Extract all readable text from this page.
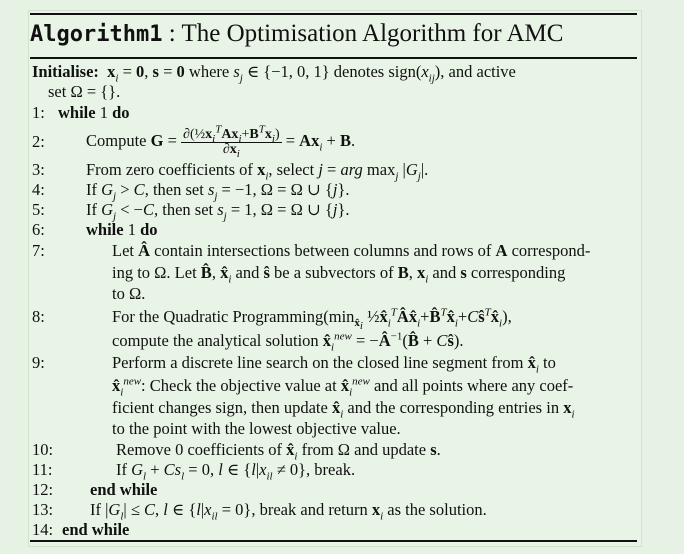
Algorithm1 : The Optimisation Algorithm for AMC
Initialise: $x_i = 0$, s = 0 where $s_j$ ∈ {−1, 0, 1} denotes $sign(x_{ij})$, and active
set Ω = {}.
1: while 1 do
2: Compute $G = \frac{\partial(\frac{1}{2}x_i^TAx_i+B^Tx_i)}{\partial x_i} = Ax_i + B$.
3: From zero coefficients of $x_i$, select j = arg $\max_j |G_j|$.
4: If $G_j > C$, then set $s_j = -1$, Ω = Ω ∪ {j}.
5: If $G_j < -C$, then set $s_j = 1$, Ω = Ω ∪ {j}.
6: while 1 do
7:	Let Â contain intersections between columns and rows of A correspond-
ing to Ω. Let B̂, $x̂_i$ and ŝ be a subvectors of B, $x_i$ and s corresponding
to Ω.
8:	For the Quadratic $Programming(\min_{x̂_i}$ $\frac{1}{2}x̂_i^TÂx̂_i+B̂^Tx̂_i+Cŝ^Tx̂_i$),
compute the analytical solution $x̂_i^{new}$ = $-Â^{-1}(B̂$ + Cŝ).
9:	Perform a discrete line search on the closed line segment from $x̂_i$ to
$x̂_i^{new}$: Check the objective value at $x̂_i^{new}$ and all points where any coef-
ficient changes sign, then update $x̂_i$ and the corresponding entries in $x_i$
to the point with the lowest objective value.
10:	Remove 0 coefficients of $x̂_i$ from Ω and update s.
11:	If $G_l + Cs_l = 0$, l ∈ $\{l|x_{il} \ne 0\}$, break.
12: end while
13: If $|G_l| \le C$, l ∈ $\{l|x_{il} = 0\}$, break and return $x_i$ as the solution.
14: end while
